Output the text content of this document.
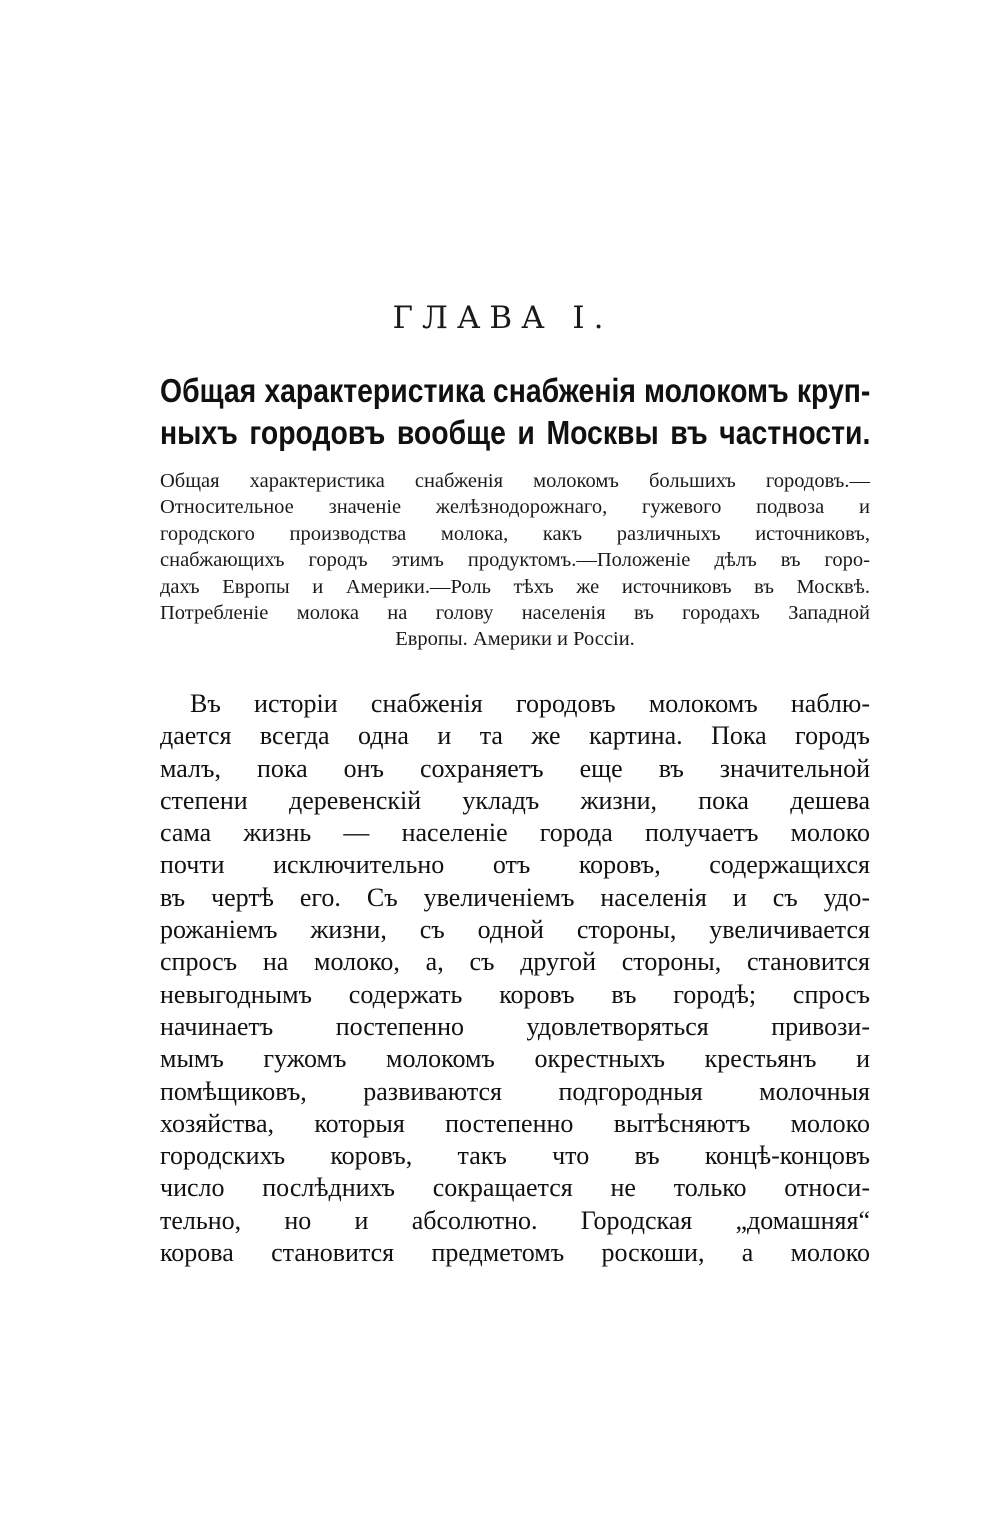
ГЛАВА I.
Общая характеристика снабженія молокомъ круп-
ныхъ городовъ вообще и Москвы въ частности.
Общая характеристика снабженія молокомъ большихъ городовъ.—
Относительное значеніе желѣзнодорожнаго, гужевого подвоза и
городского производства молока, какъ различныхъ источниковъ,
снабжающихъ городъ этимъ продуктомъ.—Положеніе дѣлъ въ горо-
дахъ Европы и Америки.—Роль тѣхъ же источниковъ въ Москвѣ.
Потребленіе молока на голову населенія въ городахъ Западной
Европы. Америки и Россіи.
Въ исторіи снабженія городовъ молокомъ наблю-
дается всегда одна и та же картина. Пока городъ
малъ, пока онъ сохраняетъ еще въ значительной
степени деревенскій укладъ жизни, пока дешева
сама жизнь — населеніе города получаетъ молоко
почти исключительно отъ коровъ, содержащихся
въ чертѣ его. Съ увеличеніемъ населенія и съ удо-
рожаніемъ жизни, съ одной стороны, увеличивается
спросъ на молоко, а, съ другой стороны, становится
невыгоднымъ содержать коровъ въ городѣ; спросъ
начинаетъ постепенно удовлетворяться привози-
мымъ гужомъ молокомъ окрестныхъ крестьянъ и
помѣщиковъ, развиваются подгородныя молочныя
хозяйства, которыя постепенно вытѣсняютъ молоко
городскихъ коровъ, такъ что въ концѣ-концовъ
число послѣднихъ сокращается не только относи-
тельно, но и абсолютно. Городская „домашняя“
корова становится предметомъ роскоши, а молоко
